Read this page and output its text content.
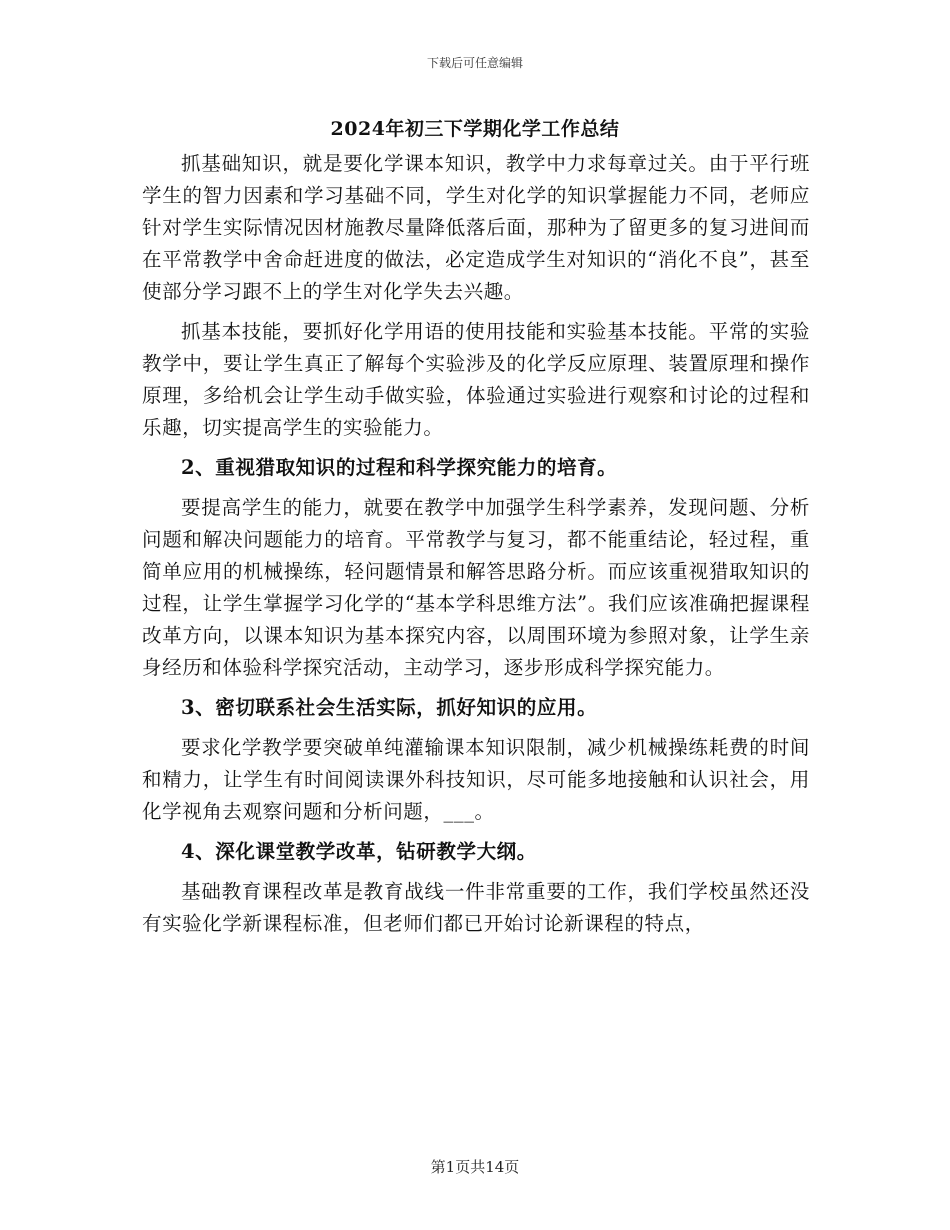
下载后可任意编辑
2024年初三下学期化学工作总结

抓基础知识，就是要化学课本知识，教学中力求每章过关。由于平行班学生的智力因素和学习基础不同，学生对化学的知识掌握能力不同，老师应针对学生实际情况因材施教尽量降低落后面，那种为了留更多的复习进间而在平常教学中舍命赶进度的做法，必定造成学生对知识的“消化不良”，甚至使部分学习跟不上的学生对化学失去兴趣。

抓基本技能，要抓好化学用语的使用技能和实验基本技能。平常的实验教学中，要让学生真正了解每个实验涉及的化学反应原理、装置原理和操作原理，多给机会让学生动手做实验，体验通过实验进行观察和讨论的过程和乐趣，切实提高学生的实验能力。

2、重视猎取知识的过程和科学探究能力的培育。

要提高学生的能力，就要在教学中加强学生科学素养，发现问题、分析问题和解决问题能力的培育。平常教学与复习，都不能重结论，轻过程，重简单应用的机械操练，轻问题情景和解答思路分析。而应该重视猎取知识的过程，让学生掌握学习化学的“基本学科思维方法”。我们应该准确把握课程改革方向，以课本知识为基本探究内容，以周围环境为参照对象，让学生亲身经历和体验科学探究活动，主动学习，逐步形成科学探究能力。

3、密切联系社会生活实际，抓好知识的应用。

要求化学教学要突破单纯灌输课本知识限制，减少机械操练耗费的时间和精力，让学生有时间阅读课外科技知识，尽可能多地接触和认识社会，用化学视角去观察问题和分析问题，___。

4、深化课堂教学改革，钻研教学大纲。

基础教育课程改革是教育战线一件非常重要的工作，我们学校虽然还没有实验化学新课程标准，但老师们都已开始讨论新课程的特点，

第1页共14页
